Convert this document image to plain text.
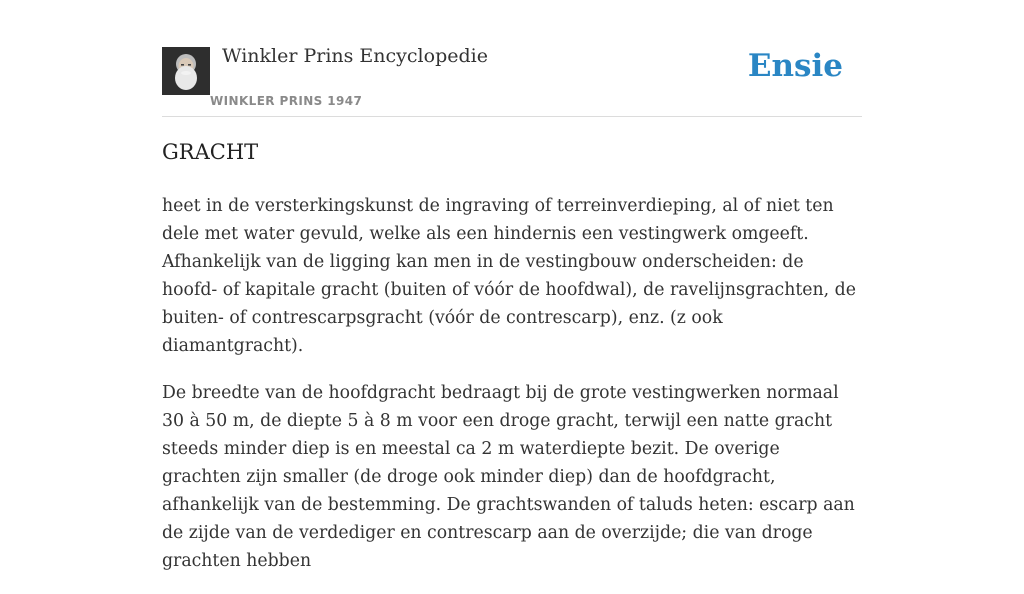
Winkler Prins Encyclopedie
WINKLER PRINS 1947
Ensie
GRACHT

heet in de versterkingskunst de ingraving of terreinverdieping, al of niet ten dele met water gevuld, welke als een hindernis een vestingwerk omgeeft. Afhankelijk van de ligging kan men in de vestingbouw onderscheiden: de hoofd- of kapitale gracht (buiten of vóór de hoofdwal), de ravelijnsgrachten, de buiten- of contrescarpsgracht (vóór de contrescarp), enz. (z ook diamantgracht).

De breedte van de hoofdgracht bedraagt bij de grote vestingwerken normaal 30 à 50 m, de diepte 5 à 8 m voor een droge gracht, terwijl een natte gracht steeds minder diep is en meestal ca 2 m waterdiepte bezit. De overige grachten zijn smaller (de droge ook minder diep) dan de hoofdgracht, afhankelijk van de bestemming. De grachtswanden of taluds heten: escarp aan de zijde van de verdediger en contrescarp aan de overzijde; die van droge grachten hebben
